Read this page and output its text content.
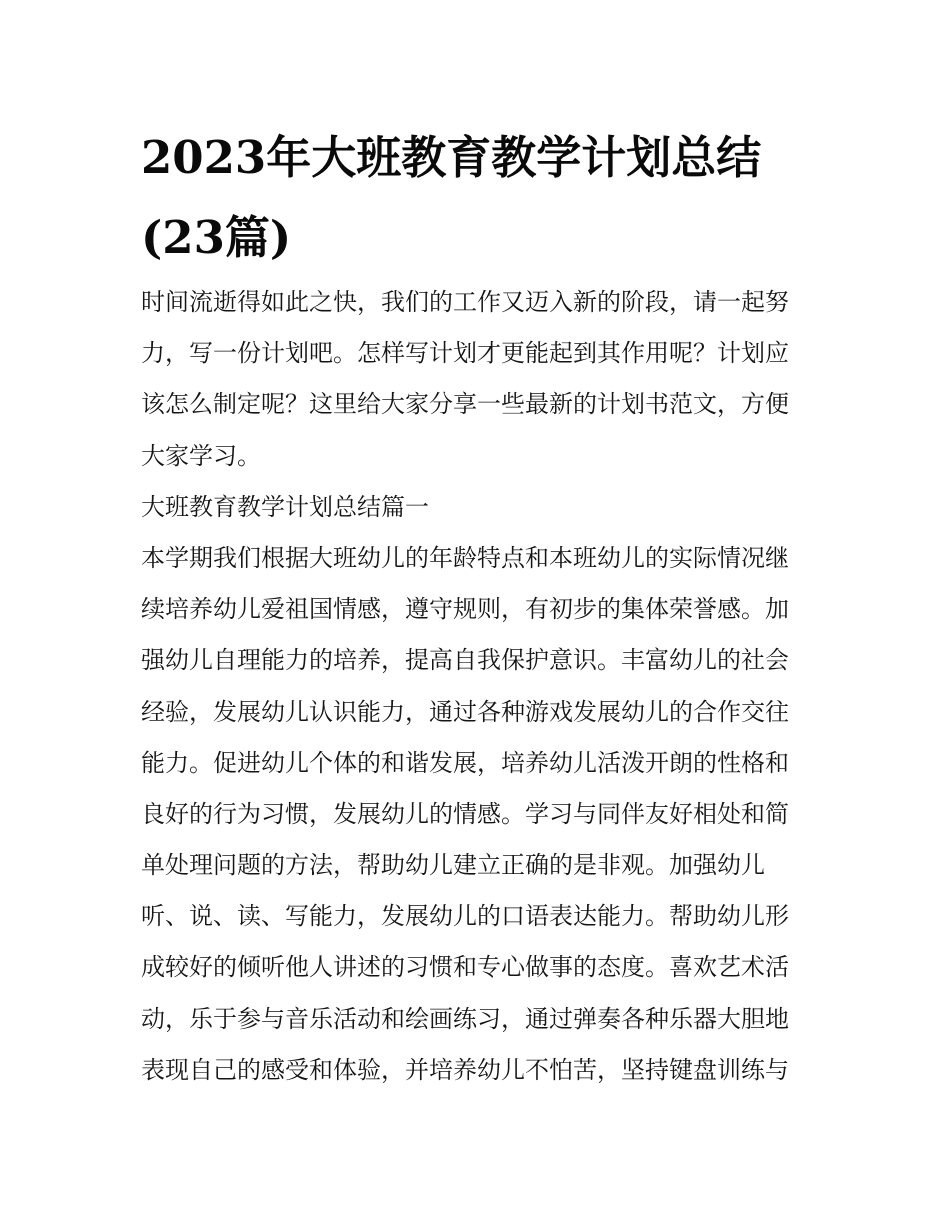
2023年大班教育教学计划总结
(23篇)
时间流逝得如此之快，我们的工作又迈入新的阶段，请一起努
力，写一份计划吧。怎样写计划才更能起到其作用呢？计划应
该怎么制定呢？这里给大家分享一些最新的计划书范文，方便
大家学习。
大班教育教学计划总结篇一
本学期我们根据大班幼儿的年龄特点和本班幼儿的实际情况继
续培养幼儿爱祖国情感，遵守规则，有初步的集体荣誉感。加
强幼儿自理能力的培养，提高自我保护意识。丰富幼儿的社会
经验，发展幼儿认识能力，通过各种游戏发展幼儿的合作交往
能力。促进幼儿个体的和谐发展，培养幼儿活泼开朗的性格和
良好的行为习惯，发展幼儿的情感。学习与同伴友好相处和简
单处理问题的方法，帮助幼儿建立正确的是非观。加强幼儿
听、说、读、写能力，发展幼儿的口语表达能力。帮助幼儿形
成较好的倾听他人讲述的习惯和专心做事的态度。喜欢艺术活
动，乐于参与音乐活动和绘画练习，通过弹奏各种乐器大胆地
表现自己的感受和体验，并培养幼儿不怕苦，坚持键盘训练与
